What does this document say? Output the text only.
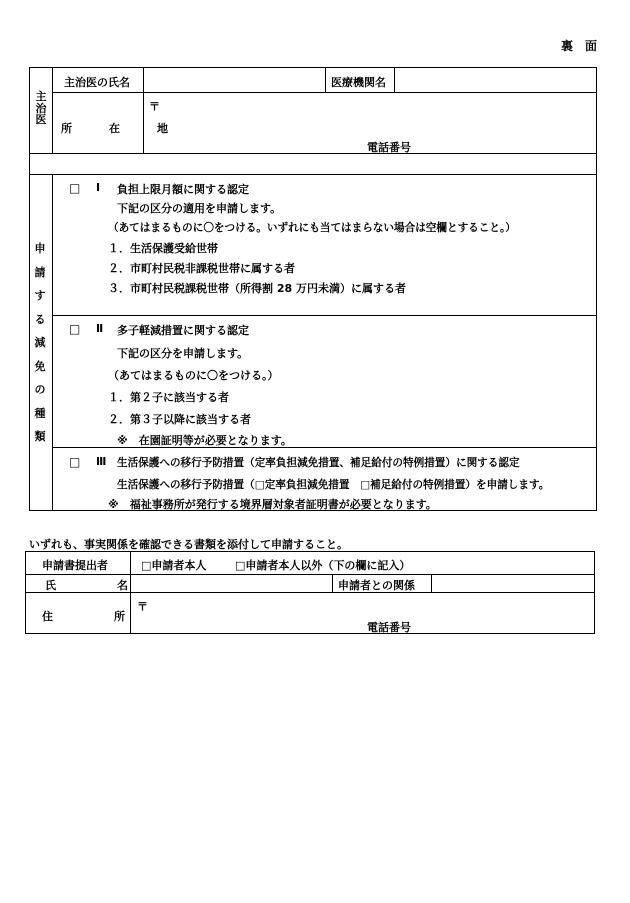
裏　面
主治医
主治医の氏名	医療機関名
所　在　地
〒
電話番号
申請する減免の種類
□ Ⅰ 負担上限月額に関する認定
下記の区分の適用を申請します。
（あてはまるものに〇をつける。いずれにも当てはまらない場合は空欄とすること。）
１．生活保護受給世帯
２．市町村民税非課税世帯に属する者
３．市町村民税課税世帯（所得割 28 万円未満）に属する者
□ Ⅱ 多子軽減措置に関する認定
下記の区分を申請します。
（あてはまるものに〇をつける。）
１．第２子に該当する者
２．第３子以降に該当する者
※　在園証明等が必要となります。
□ Ⅲ 生活保護への移行予防措置（定率負担減免措置、補足給付の特例措置）に関する認定
生活保護への移行予防措置（□定率負担減免措置　□補足給付の特例措置）を申請します。
※　福祉事務所が発行する境界層対象者証明書が必要となります。
いずれも、事実関係を確認できる書類を添付して申請すること。
申請書提出者	□申請者本人	□申請者本人以外（下の欄に記入）
氏　　　名	申請者との関係
住　　　所
〒
電話番号
